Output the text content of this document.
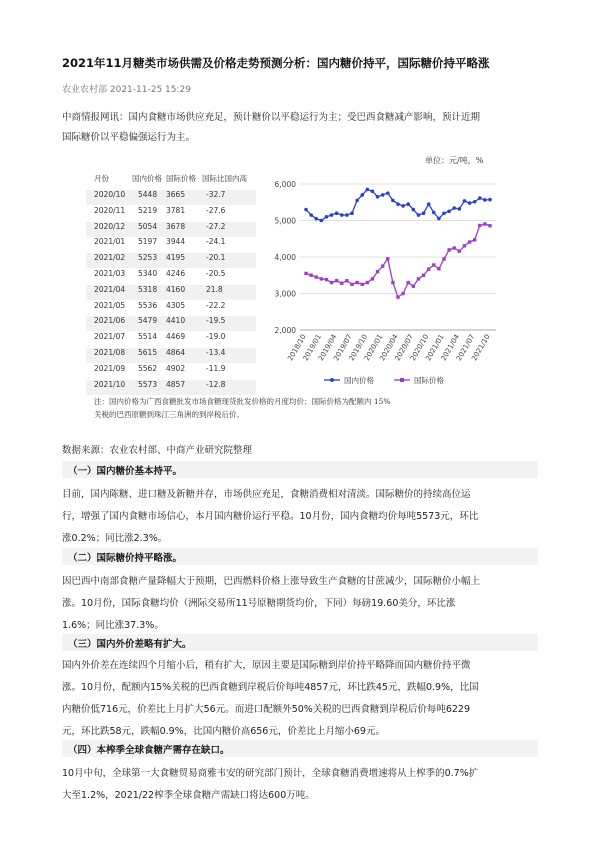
2021年11月糖类市场供需及价格走势预测分析：国内糖价持平，国际糖价持平略涨
农业农村部 2021-11-25 15:29
中商情报网讯：国内食糖市场供应充足，预计糖价以平稳运行为主；受巴西食糖减产影响，预计近期
国际糖价以平稳偏强运行为主。
单位：元/吨，%
月份	国内价格 国际价格 国际比国内高
2020/10 5448 3665	-32.7
2020/11 5219 3781	-27.6
2020/12 5054 3678	-27.2
2021/01 5197 3944	-24.1
2021/02 5253 4195	-20.1
2021/03 5340 4246	-20.5
2021/04 5318 4160	21.8
2021/05 5536 4305	-22.2
2021/06 5479 4410	-19.5
2021/07 5514 4469	-19.0
2021/08 5615 4864	-13.4
2021/09 5562 4902	-11.9
2021/10 5573 4857	-12.8
2,000
3,000
4,000
5,000
6,000
2018/10
2019/01
2019/04
2019/07
2019/10
2020/01
2020/04
2020/07
2020/10
2021/01
2021/04
2021/07
2021/10
国内价格	国际价格
注：国内价格为广西食糖批发市场食糖现货批发价格的月度均价；国际价格为配额内 15%
关税的巴西原糖到珠江三角洲的到岸税后价。
数据来源：农业农村部、中商产业研究院整理
（一）国内糖价基本持平。
目前，国内陈糖、进口糖及新糖并存，市场供应充足，食糖消费相对清淡。国际糖价的持续高位运
行，增强了国内食糖市场信心，本月国内糖价运行平稳。10月份，国内食糖均价每吨5573元，环比
涨0.2%；同比涨2.3%。
（二）国际糖价持平略涨。
因巴西中南部食糖产量降幅大于预期，巴西燃料价格上涨导致生产食糖的甘蔗减少，国际糖价小幅上
涨。10月份，国际食糖均价（洲际交易所11号原糖期货均价，下同）每磅19.60美分，环比涨
1.6%；同比涨37.3%。
（三）国内外价差略有扩大。
国内外价差在连续四个月缩小后，稍有扩大，原因主要是国际糖到岸价持平略降而国内糖价持平微
涨。10月份，配额内15%关税的巴西食糖到岸税后价每吨4857元，环比跌45元，跌幅0.9%，比国
内糖价低716元，价差比上月扩大56元。而进口配额外50%关税的巴西食糖到岸税后价每吨6229
元，环比跌58元，跌幅0.9%，比国内糖价高656元，价差比上月缩小69元。
（四）本榨季全球食糖产需存在缺口。
10月中旬，全球第一大食糖贸易商雅韦安的研究部门预计，全球食糖消费增速将从上榨季的0.7%扩
大至1.2%，2021/22榨季全球食糖产需缺口将达600万吨。
